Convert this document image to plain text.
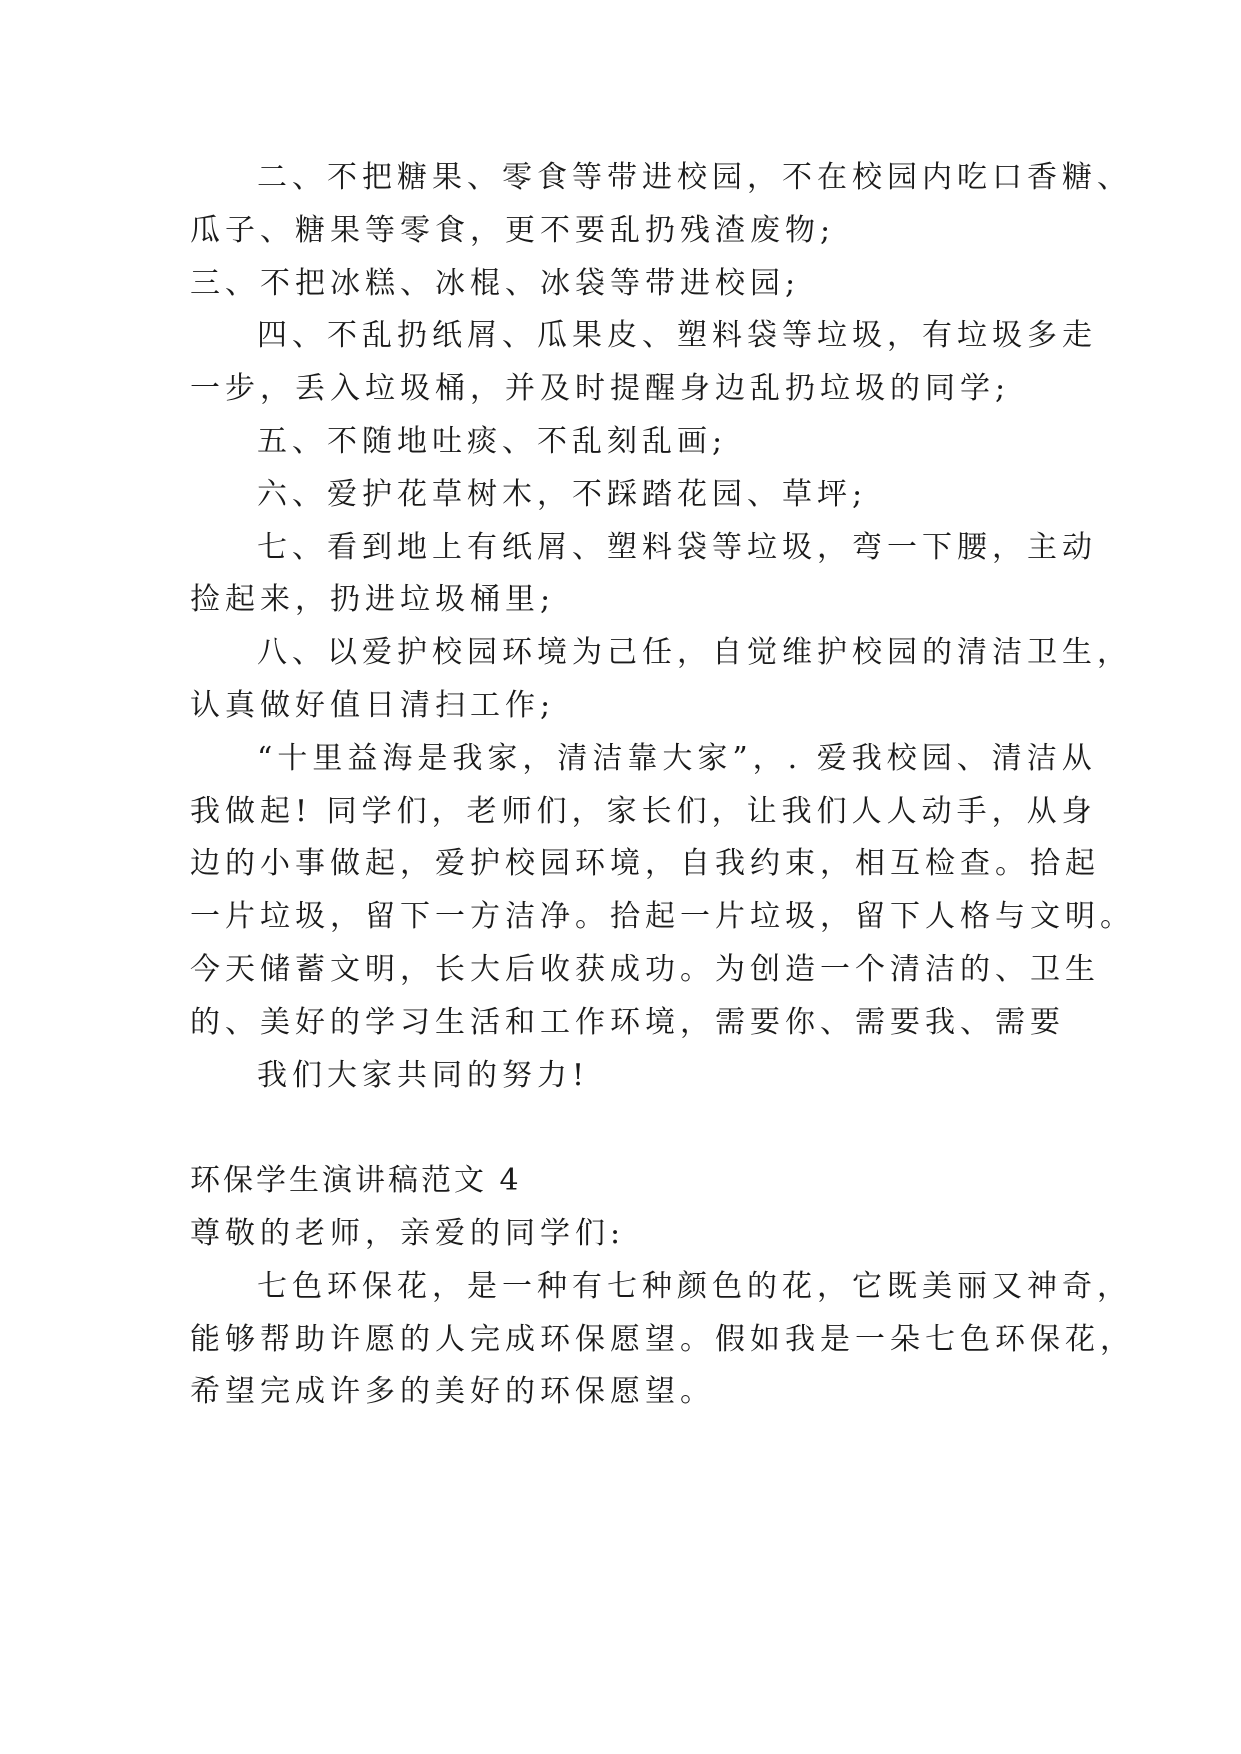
二、不把糖果、零食等带进校园，不在校园内吃口香糖、
瓜子、糖果等零食，更不要乱扔残渣废物;
三、不把冰糕、冰棍、冰袋等带进校园;
四、不乱扔纸屑、瓜果皮、塑料袋等垃圾，有垃圾多走
一步，丢入垃圾桶，并及时提醒身边乱扔垃圾的同学;
五、不随地吐痰、不乱刻乱画;
六、爱护花草树木，不踩踏花园、草坪;
七、看到地上有纸屑、塑料袋等垃圾，弯一下腰，主动
捡起来，扔进垃圾桶里;
八、以爱护校园环境为己任，自觉维护校园的清洁卫生，
认真做好值日清扫工作;
“十里益海是我家，清洁靠大家”，. 爱我校园、清洁从
我做起! 同学们，老师们，家长们，让我们人人动手，从身
边的小事做起，爱护校园环境，自我约束，相互检查。拾起
一片垃圾，留下一方洁净。拾起一片垃圾，留下人格与文明。
今天储蓄文明，长大后收获成功。为创造一个清洁的、卫生
的、美好的学习生活和工作环境，需要你、需要我、需要
我们大家共同的努力!
环保学生演讲稿范文 4
尊敬的老师，亲爱的同学们:
七色环保花，是一种有七种颜色的花，它既美丽又神奇，
能够帮助许愿的人完成环保愿望。假如我是一朵七色环保花，
希望完成许多的美好的环保愿望。
